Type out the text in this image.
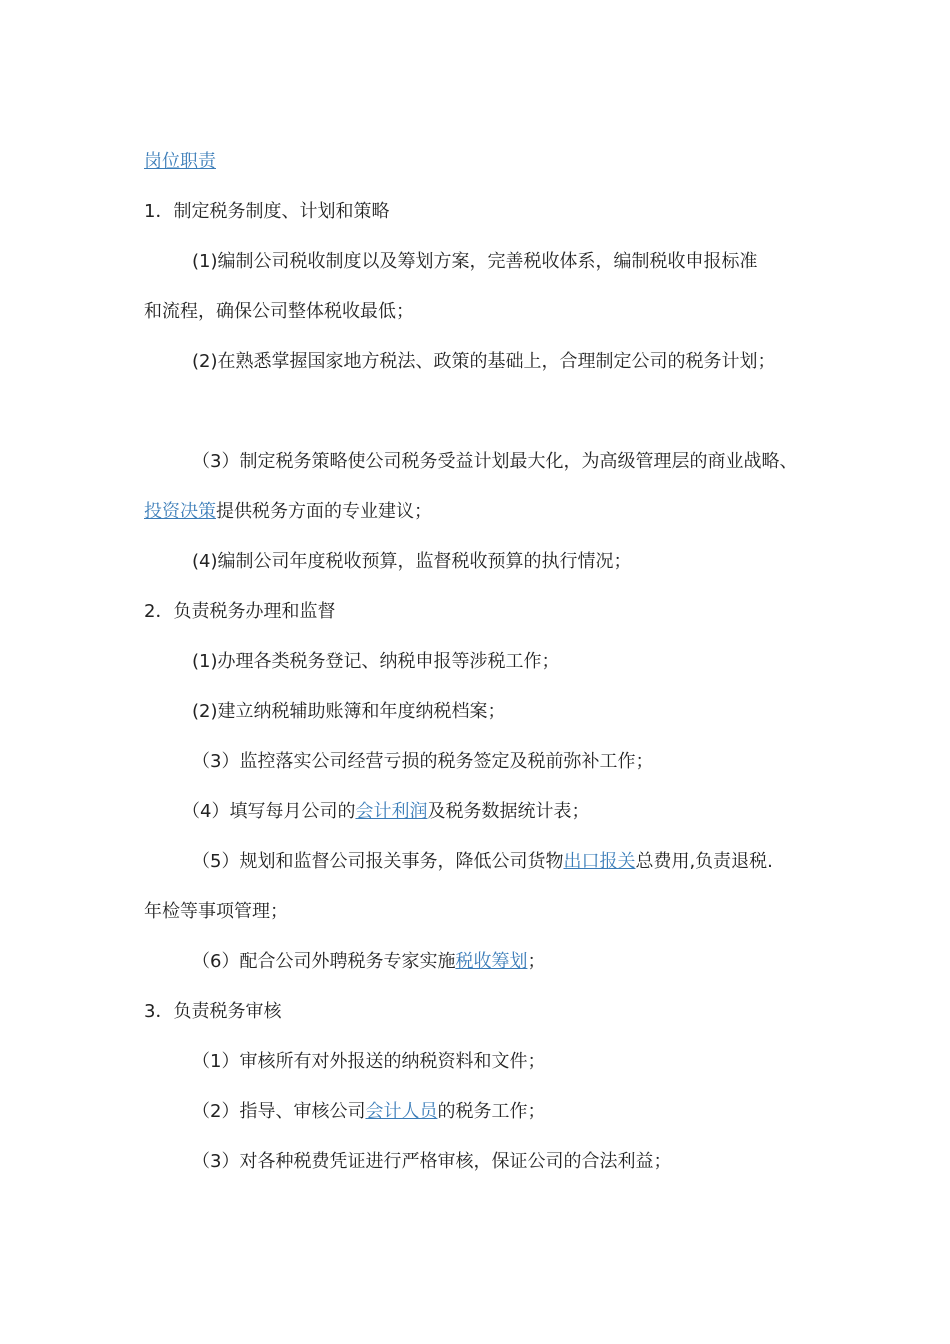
岗位职责
1．制定税务制度、计划和策略
(1)编制公司税收制度以及筹划方案，完善税收体系，编制税收申报标准
和流程，确保公司整体税收最低；
(2)在熟悉掌握国家地方税法、政策的基础上，合理制定公司的税务计划；
（3）制定税务策略使公司税务受益计划最大化，为高级管理层的商业战略、
投资决策提供税务方面的专业建议；
(4)编制公司年度税收预算，监督税收预算的执行情况；
2．负责税务办理和监督
(1)办理各类税务登记、纳税申报等涉税工作；
(2)建立纳税辅助账簿和年度纳税档案；
（3）监控落实公司经营亏损的税务签定及税前弥补工作；
（4）填写每月公司的会计利润及税务数据统计表；
（5）规划和监督公司报关事务，降低公司货物出口报关总费用,负责退税.
年检等事项管理；
（6）配合公司外聘税务专家实施税收筹划；
3．负责税务审核
（1）审核所有对外报送的纳税资料和文件；
（2）指导、审核公司会计人员的税务工作；
（3）对各种税费凭证进行严格审核，保证公司的合法利益；
